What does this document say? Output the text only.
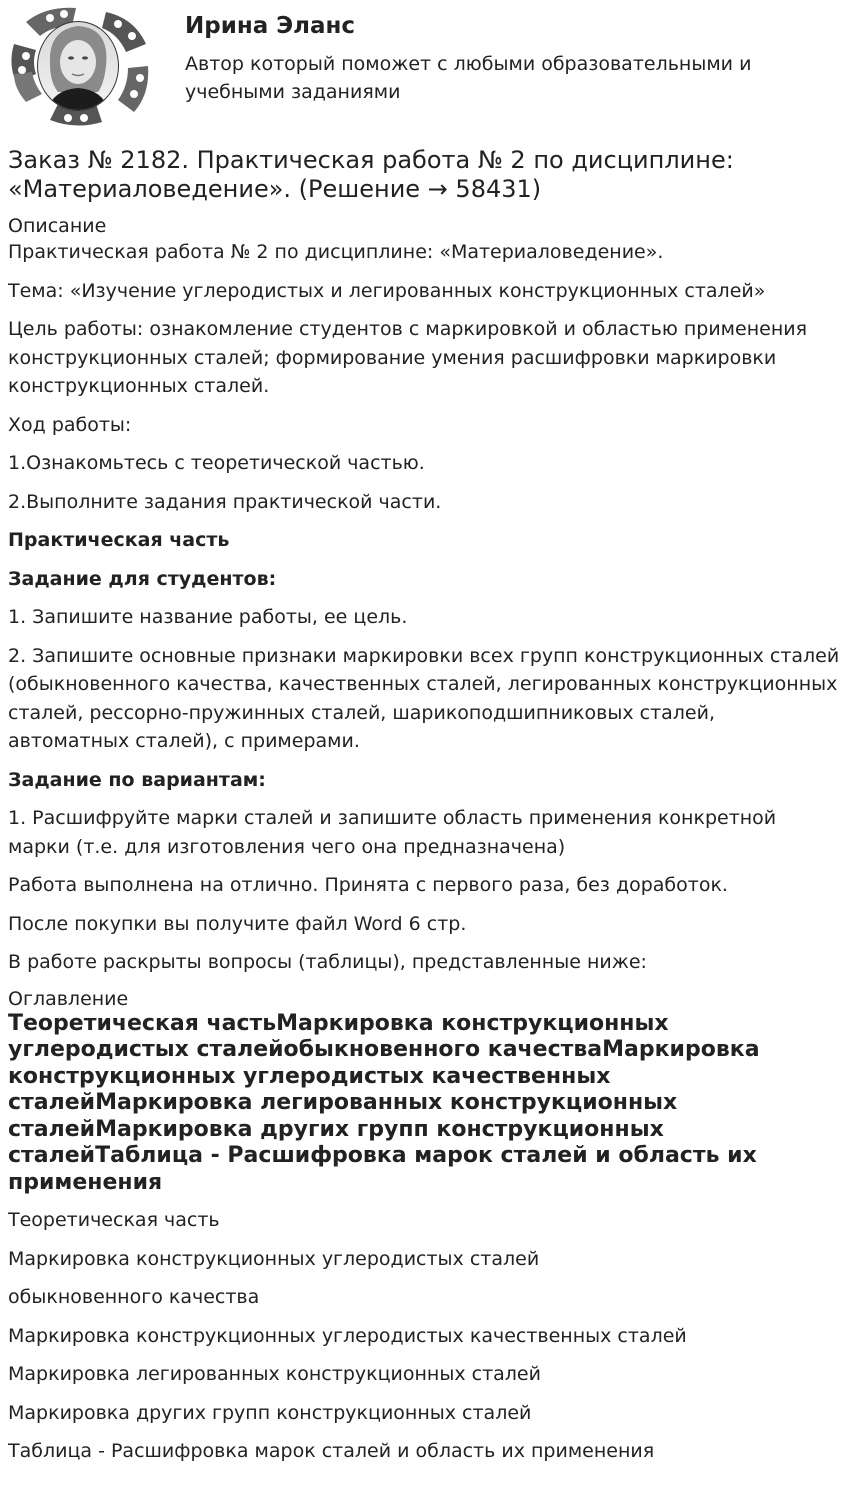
Ирина Эланс

Автор который поможет с любыми образовательными и учебными заданиями

Заказ № 2182. Практическая работа № 2 по дисциплине: «Материаловедение». (Решение → 58431)
Описание

Практическая работа № 2 по дисциплине: «Материаловедение».

Тема: «Изучение углеродистых и легированных конструкционных сталей»

Цель работы: ознакомление студентов с маркировкой и областью применения конструкционных сталей; формирование умения расшифровки маркировки конструкционных сталей.

Ход работы:

1.Ознакомьтесь с теоретической частью.

2.Выполните задания практической части.

Практическая часть

Задание для студентов:

1. Запишите название работы, ее цель.

2. Запишите основные признаки маркировки всех групп конструкционных сталей (обыкновенного качества, качественных сталей, легированных конструкционных сталей, рессорно-пружинных сталей, шарикоподшипниковых сталей, автоматных сталей), с примерами.

Задание по вариантам:

1. Расшифруйте марки сталей и запишите область применения конкретной марки (т.е. для изготовления чего она предназначена)

Работа выполнена на отлично. Принята с первого раза, без доработок.

После покупки вы получите файл Word 6 стр.

В работе раскрыты вопросы (таблицы), представленные ниже:

Оглавление

Теоретическая частьМаркировка конструкционных углеродистых сталейобыкновенного качестваМаркировка конструкционных углеродистых качественных сталейМаркировка легированных конструкционных сталейМаркировка других групп конструкционных сталейТаблица - Расшифровка марок сталей и область их применения

Теоретическая часть

Маркировка конструкционных углеродистых сталей

обыкновенного качества

Маркировка конструкционных углеродистых качественных сталей

Маркировка легированных конструкционных сталей

Маркировка других групп конструкционных сталей

Таблица - Расшифровка марок сталей и область их применения
